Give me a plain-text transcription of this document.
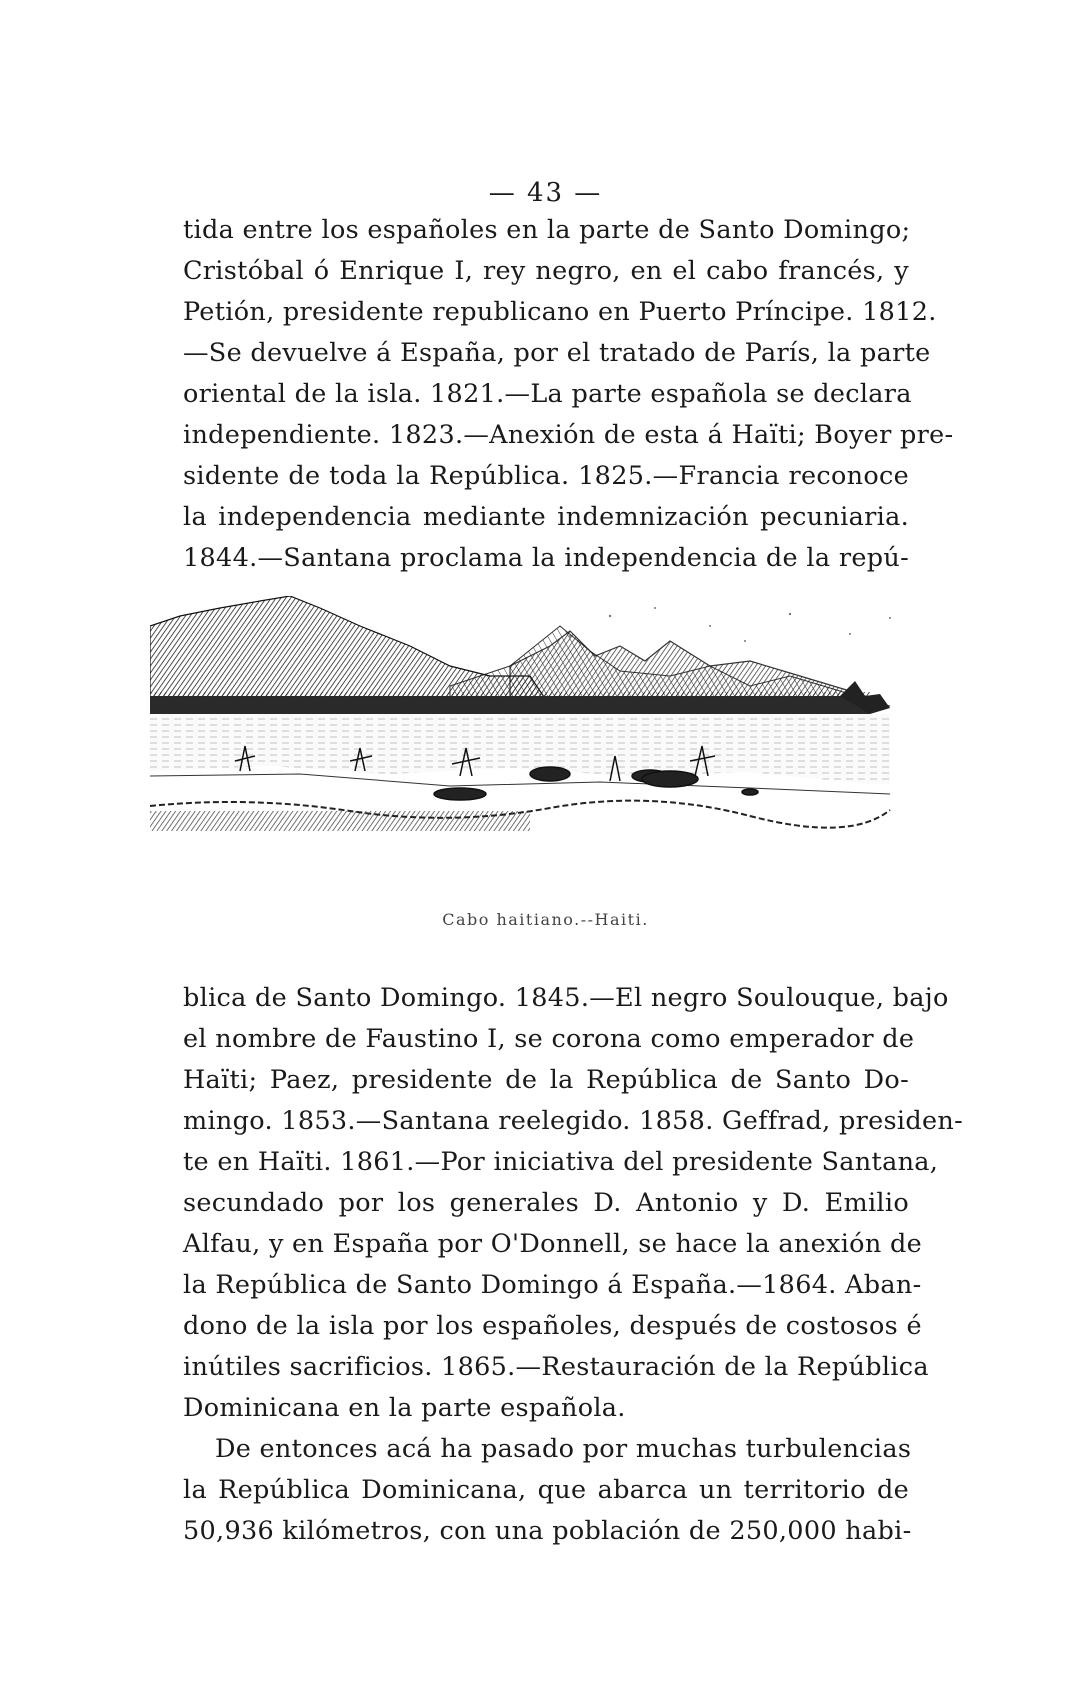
— 43 —
tida entre los españoles en la parte de Santo Domingo;
Cristóbal ó Enrique I, rey negro, en el cabo francés, y
Petión, presidente republicano en Puerto Príncipe. 1812.
—Se devuelve á España, por el tratado de París, la parte
oriental de la isla. 1821.—La parte española se declara
independiente. 1823.—Anexión de esta á Haïti; Boyer pre-
sidente de toda la República. 1825.—Francia reconoce
la independencia mediante indemnización pecuniaria.
1844.—Santana proclama la independencia de la repú-
Cabo haitiano.--Haiti.
blica de Santo Domingo. 1845.—El negro Soulouque, bajo
el nombre de Faustino I, se corona como emperador de
Haïti; Paez, presidente de la República de Santo Do-
mingo. 1853.—Santana reelegido. 1858. Geffrad, presiden-
te en Haïti. 1861.—Por iniciativa del presidente Santana,
secundado por los generales D. Antonio y D. Emilio
Alfau, y en España por O'Donnell, se hace la anexión de
la República de Santo Domingo á España.—1864. Aban-
dono de la isla por los españoles, después de costosos é
inútiles sacrificios. 1865.—Restauración de la República
Dominicana en la parte española.
De entonces acá ha pasado por muchas turbulencias
la República Dominicana, que abarca un territorio de
50,936 kilómetros, con una población de 250,000 habi-
